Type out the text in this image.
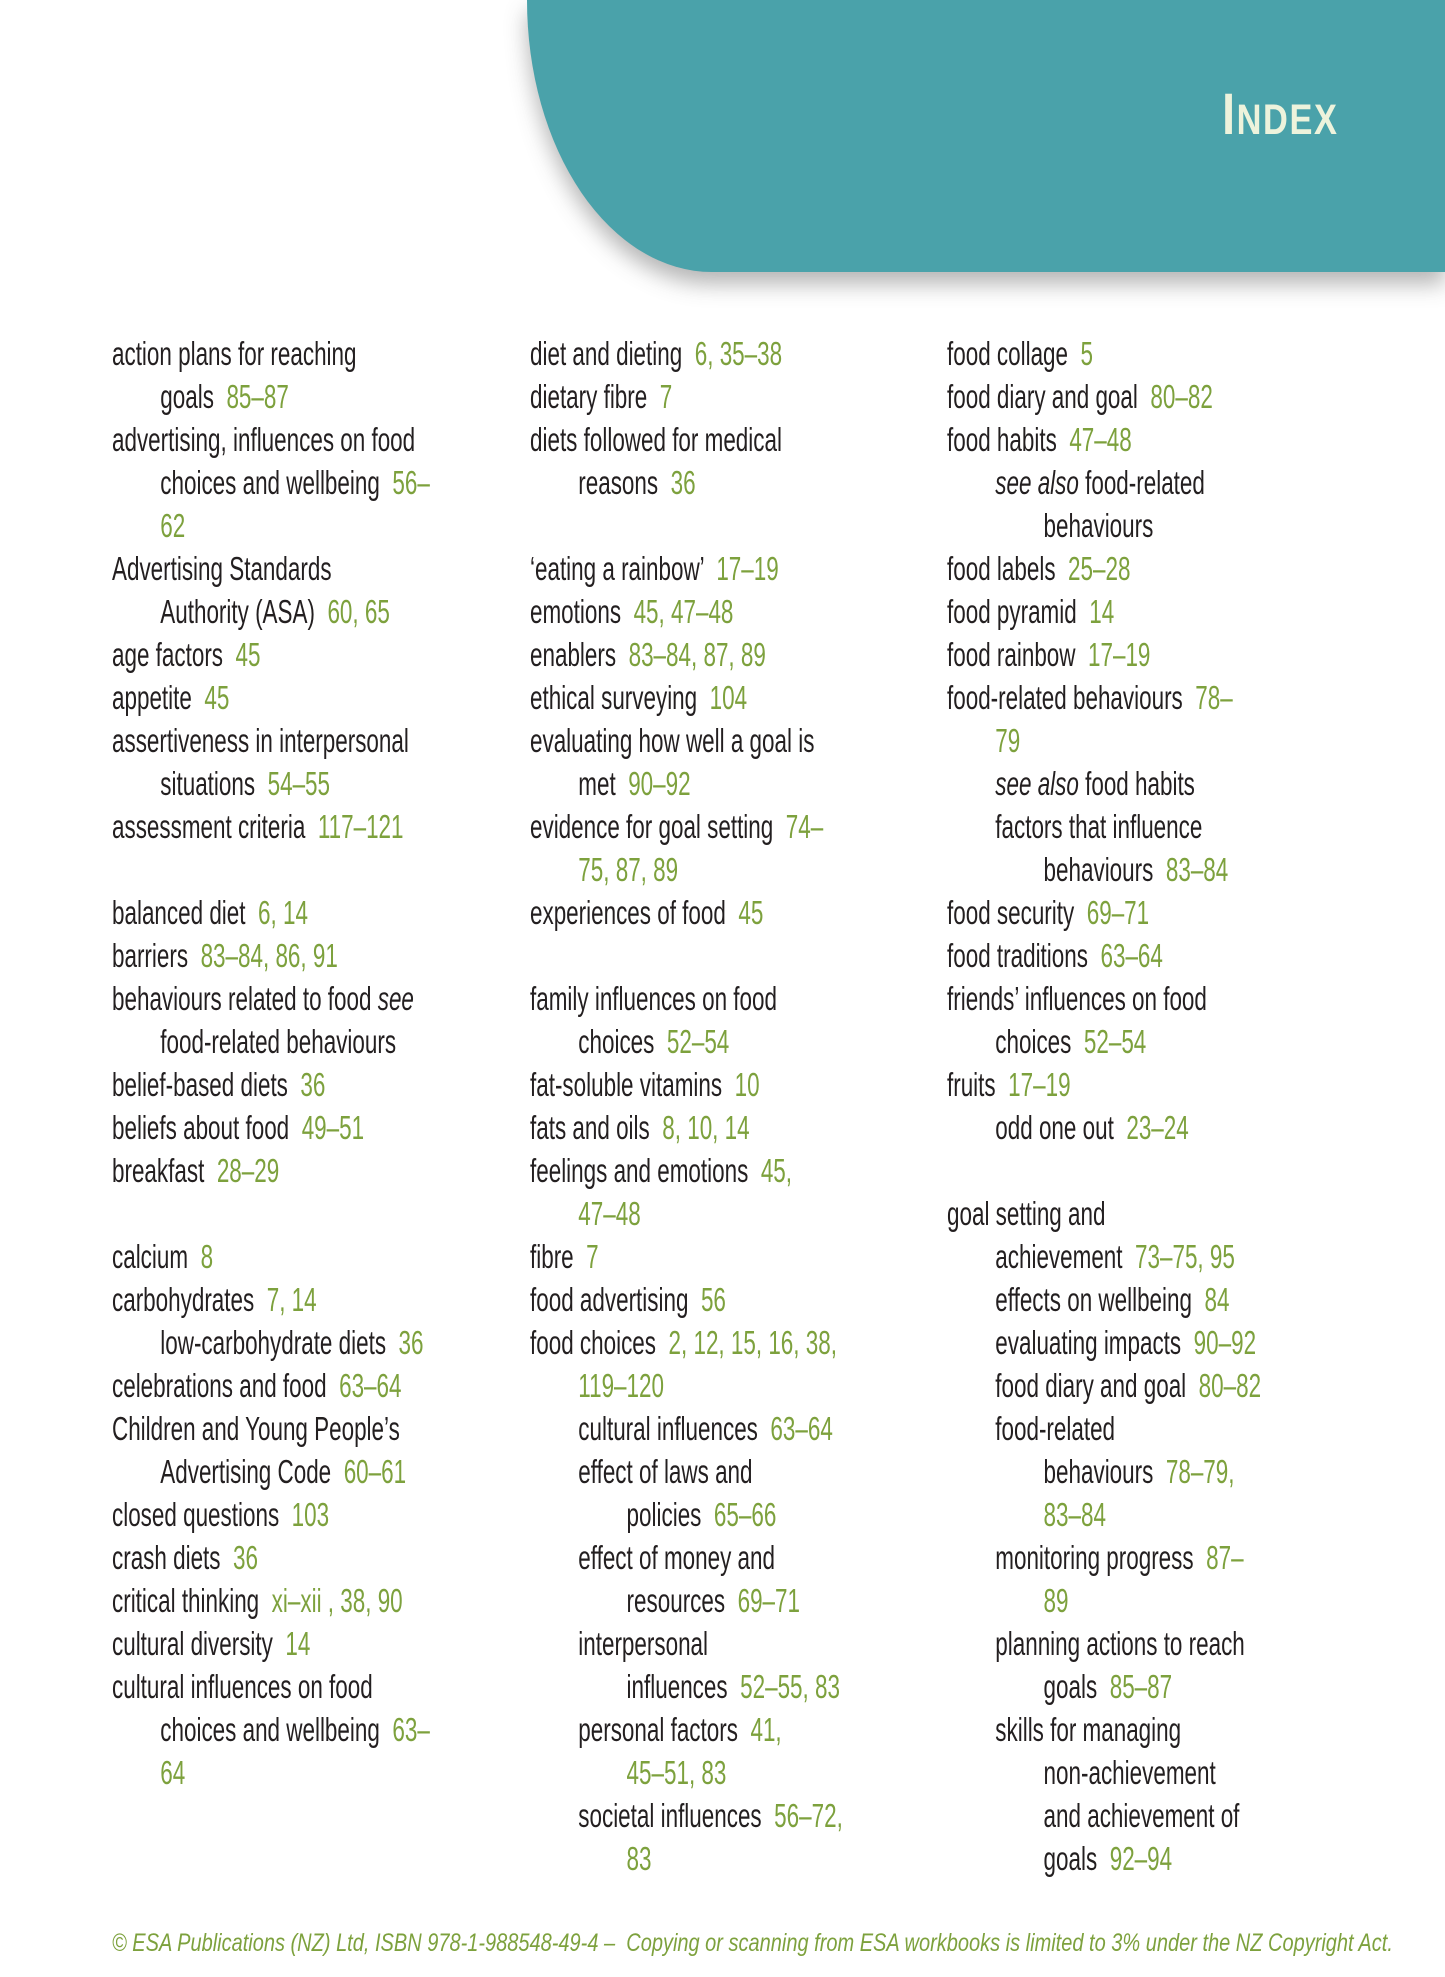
I NDEX
action plans for reaching
goals 85–87
advertising, influences on food
choices and wellbeing 56–
62
Advertising Standards
Authority (ASA) 60, 65
age factors 45
appetite 45
assertiveness in interpersonal
situations 54–55
assessment criteria 117–121
balanced diet 6, 14
barriers 83–84, 86, 91
behaviours related to food see
food-related behaviours
belief-based diets 36
beliefs about food 49–51
breakfast 28–29
calcium 8
carbohydrates 7, 14
low-carbohydrate diets 36
celebrations and food 63–64
Children and Young People’s
Advertising Code 60–61
closed questions 103
crash diets 36
critical thinking xi–xii , 38, 90
cultural diversity 14
cultural influences on food
choices and wellbeing 63–
64
diet and dieting 6, 35–38
dietary fibre 7
diets followed for medical
reasons 36
‘eating a rainbow’ 17–19
emotions 45, 47–48
enablers 83–84, 87, 89
ethical surveying 104
evaluating how well a goal is
met 90–92
evidence for goal setting 74–
75, 87, 89
experiences of food 45
family influences on food
choices 52–54
fat-soluble vitamins 10
fats and oils 8, 10, 14
feelings and emotions 45,
47–48
fibre 7
food advertising 56
food choices 2, 12, 15, 16, 38,
119–120
cultural influences 63–64
effect of laws and
policies 65–66
effect of money and
resources 69–71
interpersonal
influences 52–55, 83
personal factors 41,
45–51, 83
societal influences 56–72,
83
food collage 5
food diary and goal 80–82
food habits 47–48
see also food-related
behaviours
food labels 25–28
food pyramid 14
food rainbow 17–19
food-related behaviours 78–
79
see also food habits
factors that influence
behaviours 83–84
food security 69–71
food traditions 63–64
friends’ influences on food
choices 52–54
fruits 17–19
odd one out 23–24
goal setting and
achievement 73–75, 95
effects on wellbeing 84
evaluating impacts 90–92
food diary and goal 80–82
food-related
behaviours 78–79,
83–84
monitoring progress 87–
89
planning actions to reach
goals 85–87
skills for managing
non-achievement
and achievement of
goals 92–94
© ESA Publications (NZ) Ltd, ISBN 978-1-988548-49-4 –  Copying or scanning from ESA workbooks is limited to 3% under the NZ Copyright Act.
